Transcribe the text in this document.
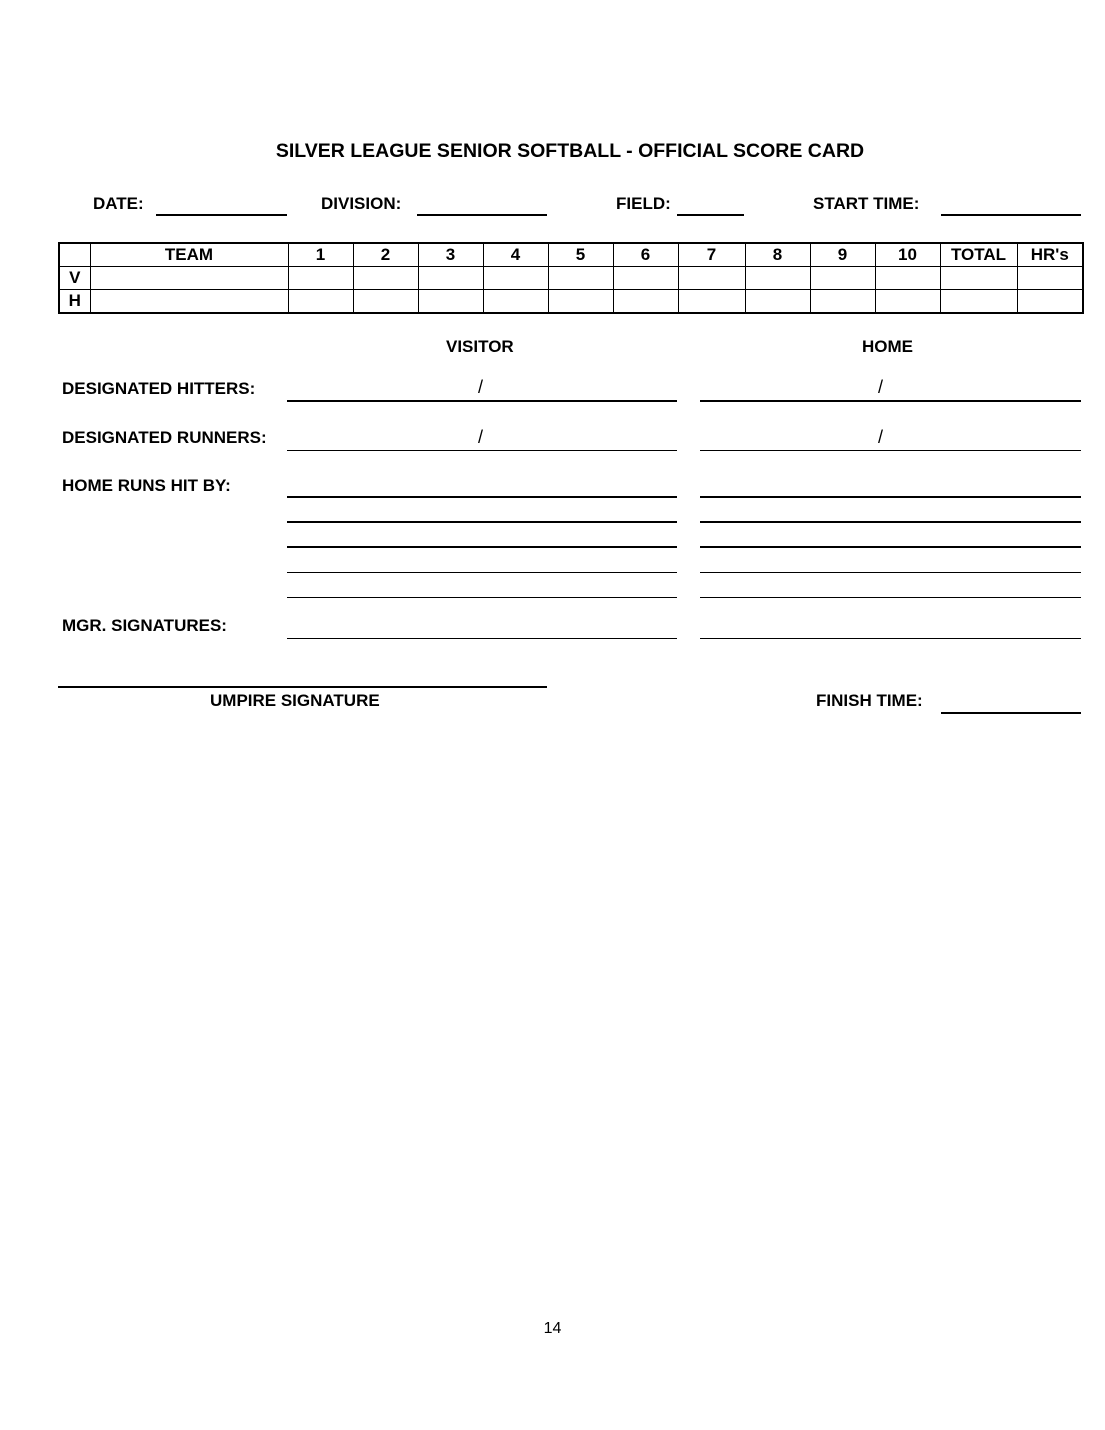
SILVER LEAGUE SENIOR SOFTBALL - OFFICIAL SCORE CARD
DATE:	DIVISION:	FIELD:	START TIME:
	TEAM	1	2	3	4	5	6	7	8	9	10	TOTAL	HR's
V													
H													
VISITOR	HOME
DESIGNATED HITTERS:	/	/
DESIGNATED RUNNERS:	/	/
HOME RUNS HIT BY:
MGR. SIGNATURES:
UMPIRE SIGNATURE	FINISH TIME:
14
